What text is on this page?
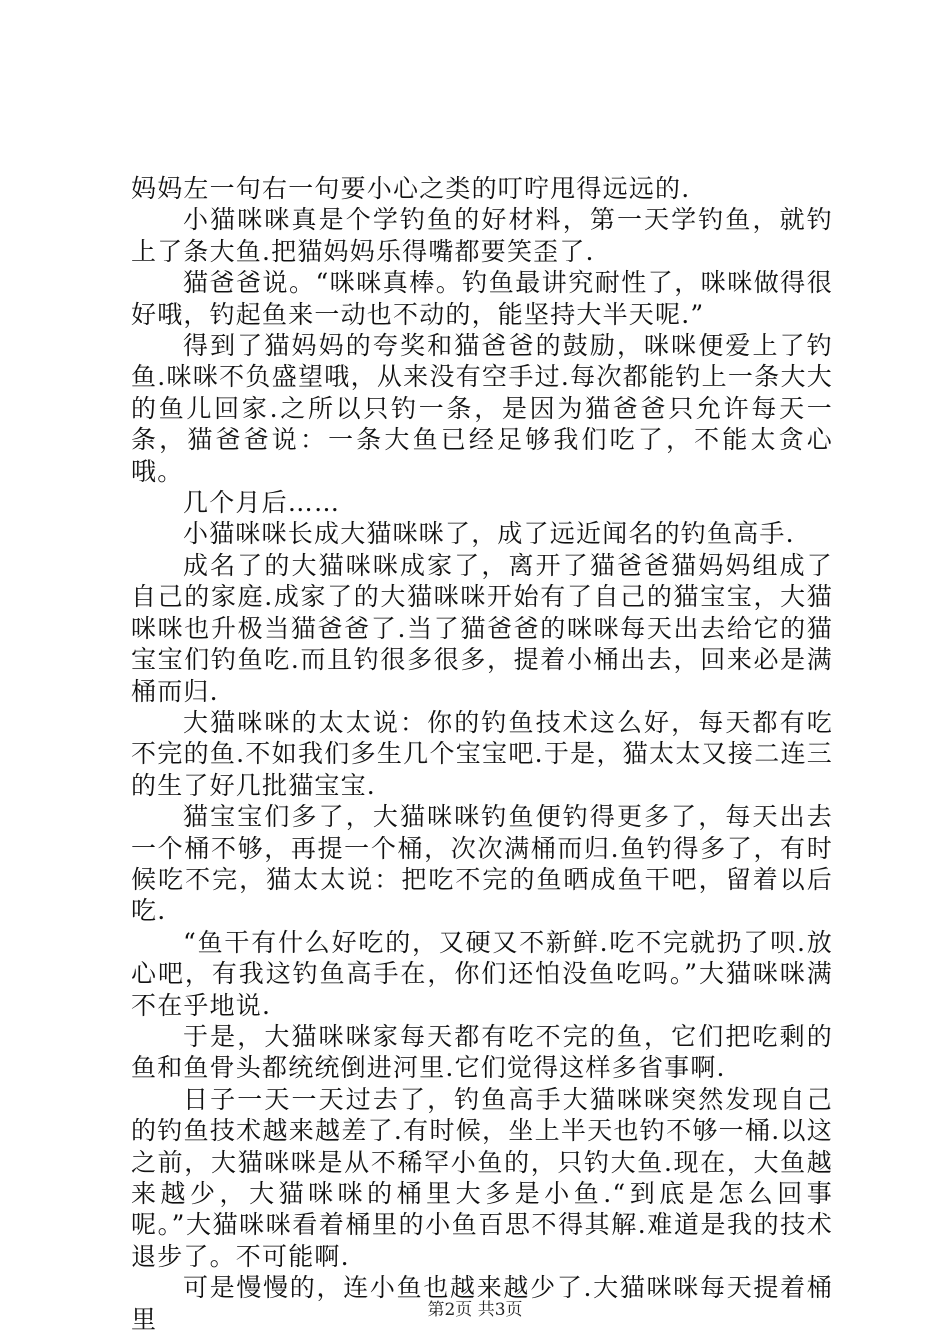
妈妈左一句右一句要小心之类的叮咛甩得远远的.

小猫咪咪真是个学钓鱼的好材料，第一天学钓鱼，就钓上了条大鱼.把猫妈妈乐得嘴都要笑歪了.

猫爸爸说。“咪咪真棒。钓鱼最讲究耐性了，咪咪做得很好哦，钓起鱼来一动也不动的，能坚持大半天呢.”

得到了猫妈妈的夸奖和猫爸爸的鼓励，咪咪便爱上了钓鱼.咪咪不负盛望哦，从来没有空手过.每次都能钓上一条大大的鱼儿回家.之所以只钓一条，是因为猫爸爸只允许每天一条，猫爸爸说：一条大鱼已经足够我们吃了，不能太贪心哦。

几个月后……

小猫咪咪长成大猫咪咪了，成了远近闻名的钓鱼高手.

成名了的大猫咪咪成家了，离开了猫爸爸猫妈妈组成了自己的家庭.成家了的大猫咪咪开始有了自己的猫宝宝，大猫咪咪也升极当猫爸爸了.当了猫爸爸的咪咪每天出去给它的猫宝宝们钓鱼吃.而且钓很多很多，提着小桶出去，回来必是满桶而归.

大猫咪咪的太太说：你的钓鱼技术这么好，每天都有吃不完的鱼.不如我们多生几个宝宝吧.于是，猫太太又接二连三的生了好几批猫宝宝.

猫宝宝们多了，大猫咪咪钓鱼便钓得更多了，每天出去一个桶不够，再提一个桶，次次满桶而归.鱼钓得多了，有时候吃不完，猫太太说：把吃不完的鱼晒成鱼干吧，留着以后吃.

“鱼干有什么好吃的，又硬又不新鲜.吃不完就扔了呗.放心吧，有我这钓鱼高手在，你们还怕没鱼吃吗。”大猫咪咪满不在乎地说.

于是，大猫咪咪家每天都有吃不完的鱼，它们把吃剩的鱼和鱼骨头都统统倒进河里.它们觉得这样多省事啊.

日子一天一天过去了，钓鱼高手大猫咪咪突然发现自己的钓鱼技术越来越差了.有时候，坐上半天也钓不够一桶.以这之前，大猫咪咪是从不稀罕小鱼的，只钓大鱼.现在，大鱼越来越少，大猫咪咪的桶里大多是小鱼.“到底是怎么回事呢。”大猫咪咪看着桶里的小鱼百思不得其解.难道是我的技术退步了。不可能啊.

可是慢慢的，连小鱼也越来越少了.大猫咪咪每天提着桶里	第2页 共3页
